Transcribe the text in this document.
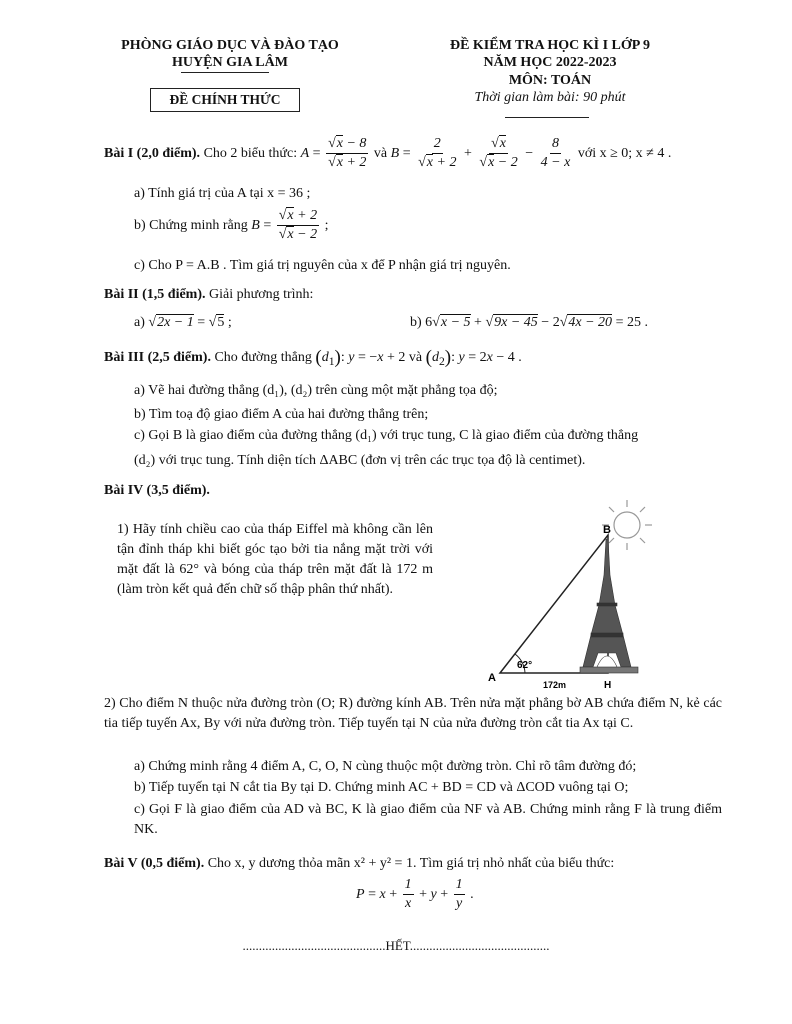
PHÒNG GIÁO DỤC VÀ ĐÀO TẠO
HUYỆN GIA LÂM
ĐỀ CHÍNH THỨC
ĐỀ KIỂM TRA HỌC KÌ I LỚP 9
NĂM HỌC 2022-2023
MÔN: TOÁN
Thời gian làm bài: 90 phút
Bài I (2,0 điểm). Cho 2 biểu thức: $A = \frac{√x - 8}{√x + 2}$ và $B = \frac{2}{√x + 2} + \frac{√x}{√x - 2} - \frac{8}{4 - x}$ với x ≥ 0; x ≠ 4 .
a) Tính giá trị của A tại x = 36 ;
b) Chứng minh rằng $B = \frac{√x + 2}{√x - 2}$ ;
c) Cho P = A.B . Tìm giá trị nguyên của x để P nhận giá trị nguyên.
Bài II (1,5 điểm). Giải phương trình:
a) √2x − 1 = √5 ;	b) 6√x − 5 + √9x − 45 − 2√4x − 20 = 25 .
Bài III (2,5 điểm). Cho đường thẳng $(d_1)$: y = −x + 2 và $(d_2)$: y = 2x − 4 .
a) Vẽ hai đường thẳng (d₁), (d₂) trên cùng một mặt phẳng tọa độ;
b) Tìm toạ độ giao điểm A của hai đường thẳng trên;
c) Gọi B là giao điểm của đường thẳng (d₁) với trục tung, C là giao điểm của đường thẳng
(d₂) với trục tung. Tính diện tích ΔABC (đơn vị trên các trục tọa độ là centimet).
Bài IV (3,5 điểm).
1) Hãy tính chiều cao của tháp Eiffel mà không cần lên tận đỉnh tháp khi biết góc tạo bởi tia nắng mặt trời với mặt đất là 62° và bóng của tháp trên mặt đất là 172 m (làm tròn kết quả đến chữ số thập phân thứ nhất).
B
A
H
62°
172m
2) Cho điểm N thuộc nửa đường tròn (O; R) đường kính AB. Trên nửa mặt phẳng bờ AB chứa điểm N, kẻ các tia tiếp tuyến Ax, By với nửa đường tròn. Tiếp tuyến tại N của nửa đường tròn cắt tia Ax tại C.
a) Chứng minh rằng 4 điểm A, C, O, N cùng thuộc một đường tròn. Chỉ rõ tâm đường đó;
b) Tiếp tuyến tại N cắt tia By tại D. Chứng minh AC + BD = CD và ΔCOD vuông tại O;
c) Gọi F là giao điểm của AD và BC, K là giao điểm của NF và AB. Chứng minh rằng F là trung điểm NK.
Bài V (0,5 điểm). Cho x, y dương thỏa mãn x² + y² = 1. Tìm giá trị nhỏ nhất của biểu thức:
$P = x + \frac{1}{x} + y + \frac{1}{y}$ .
............................................HẾT...........................................
